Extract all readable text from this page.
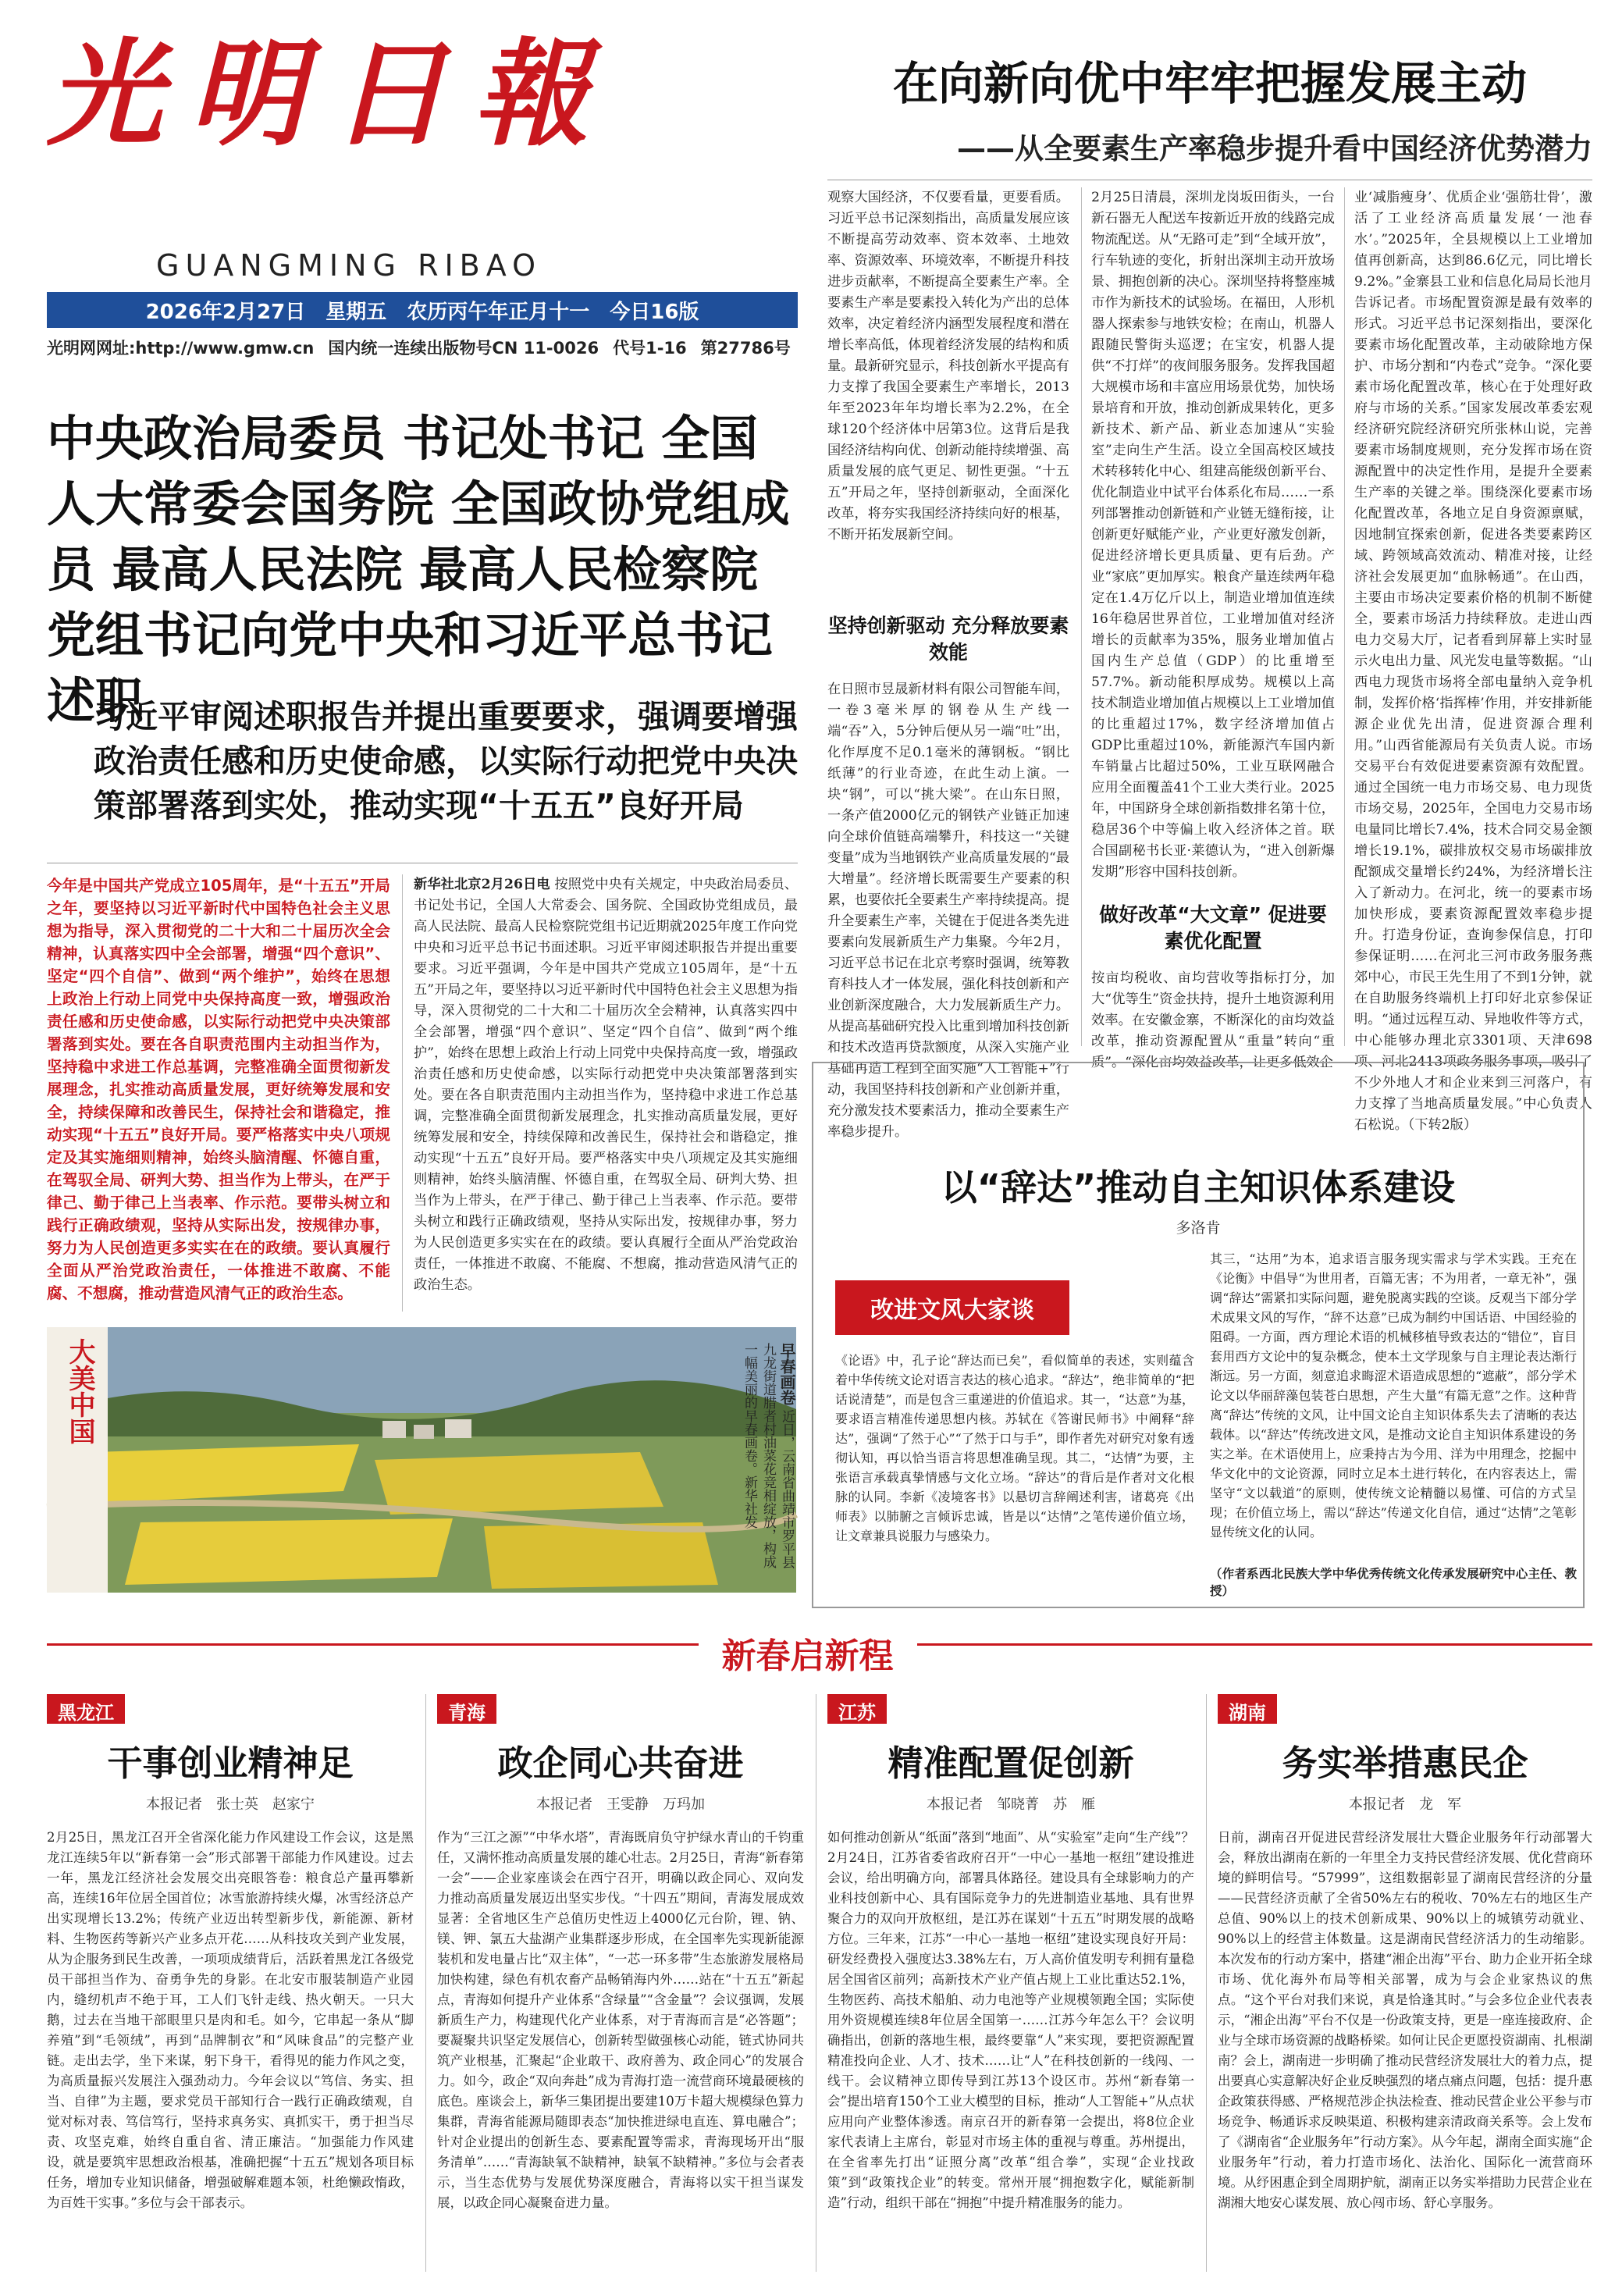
光明日報
GUANGMING RIBAO
2026年2月27日 星期五 农历丙午年正月十一 今日16版
光明网网址:http://www.gmw.cn 国内统一连续出版物号CN 11-0026 代号1-16 第27786号
中央政治局委员 书记处书记 全国人大常委会国务院 全国政协党组成员 最高人民法院 最高人民检察院党组书记向党中央和习近平总书记述职
习近平审阅述职报告并提出重要要求，强调要增强政治责任感和历史使命感，以实际行动把党中央决策部署落到实处，推动实现“十五五”良好开局
今年是中国共产党成立105周年，是“十五五”开局之年，要坚持以习近平新时代中国特色社会主义思想为指导，深入贯彻党的二十大和二十届历次全会精神，认真落实四中全会部署，增强“四个意识”、坚定“四个自信”、做到“两个维护”，始终在思想上政治上行动上同党中央保持高度一致，增强政治责任感和历史使命感，以实际行动把党中央决策部署落到实处。要在各自职责范围内主动担当作为，坚持稳中求进工作总基调，完整准确全面贯彻新发展理念，扎实推动高质量发展，更好统筹发展和安全，持续保障和改善民生，保持社会和谐稳定，推动实现“十五五”良好开局。要严格落实中央八项规定及其实施细则精神，始终头脑清醒、怀德自重，在驾驭全局、研判大势、担当作为上带头，在严于律己、勤于律己上当表率、作示范。要带头树立和践行正确政绩观，坚持从实际出发，按规律办事，努力为人民创造更多实实在在的政绩。要认真履行全面从严治党政治责任，一体推进不敢腐、不能腐、不想腐，推动营造风清气正的政治生态。
新华社北京2月26日电 按照党中央有关规定，中央政治局委员、书记处书记，全国人大常委会、国务院、全国政协党组成员，最高人民法院、最高人民检察院党组书记近期就2025年度工作向党中央和习近平总书记书面述职。习近平审阅述职报告并提出重要要求。习近平强调，今年是中国共产党成立105周年，是“十五五”开局之年，要坚持以习近平新时代中国特色社会主义思想为指导，深入贯彻党的二十大和二十届历次全会精神，认真落实四中全会部署，增强“四个意识”、坚定“四个自信”、做到“两个维护”，始终在思想上政治上行动上同党中央保持高度一致，增强政治责任感和历史使命感，以实际行动把党中央决策部署落到实处。要在各自职责范围内主动担当作为，坚持稳中求进工作总基调，完整准确全面贯彻新发展理念，扎实推动高质量发展，更好统筹发展和安全，持续保障和改善民生，保持社会和谐稳定，推动实现“十五五”良好开局。要严格落实中央八项规定及其实施细则精神，始终头脑清醒、怀德自重，在驾驭全局、研判大势、担当作为上带头，在严于律己、勤于律己上当表率、作示范。要带头树立和践行正确政绩观，坚持从实际出发，按规律办事，努力为人民创造更多实实在在的政绩。要认真履行全面从严治党政治责任，一体推进不敢腐、不能腐、不想腐，推动营造风清气正的政治生态。
大美中国	早春画卷 近日，云南省曲靖市罗平县九龙街道腊者村油菜花竞相绽放，构成一幅美丽的早春画卷。新华社发
在向新向优中牢牢把握发展主动
——从全要素生产率稳步提升看中国经济优势潜力
观察大国经济，不仅要看量，更要看质。习近平总书记深刻指出，高质量发展应该不断提高劳动效率、资本效率、土地效率、资源效率、环境效率，不断提升科技进步贡献率，不断提高全要素生产率。全要素生产率是要素投入转化为产出的总体效率，决定着经济内涵型发展程度和潜在增长率高低，体现着经济发展的结构和质量。最新研究显示，科技创新水平提高有力支撑了我国全要素生产率增长，2013年至2023年年均增长率为2.2%，在全球120个经济体中居第3位。这背后是我国经济结构向优、创新动能持续增强、高质量发展的底气更足、韧性更强。“十五五”开局之年，坚持创新驱动，全面深化改革，将夯实我国经济持续向好的根基，不断开拓发展新空间。
坚持创新驱动 充分释放要素效能
在日照市昱晟新材料有限公司智能车间，一卷3毫米厚的钢卷从生产线一端“吞”入，5分钟后便从另一端“吐”出，化作厚度不足0.1毫米的薄钢板。“钢比纸薄”的行业奇迹，在此生动上演。一块“钢”，可以“挑大梁”。在山东日照，一条产值2000亿元的钢铁产业链正加速向全球价值链高端攀升，科技这一“关键变量”成为当地钢铁产业高质量发展的“最大增量”。经济增长既需要生产要素的积累，也要依托全要素生产率持续提高。提升全要素生产率，关键在于促进各类先进要素向发展新质生产力集聚。今年2月，习近平总书记在北京考察时强调，统筹教育科技人才一体发展，强化科技创新和产业创新深度融合，大力发展新质生产力。从提高基础研究投入比重到增加科技创新和技术改造再贷款额度，从深入实施产业基础再造工程到全面实施“人工智能+”行动，我国坚持科技创新和产业创新并重，充分激发技术要素活力，推动全要素生产率稳步提升。
2月25日清晨，深圳龙岗坂田街头，一台新石器无人配送车按新近开放的线路完成物流配送。从“无路可走”到“全域开放”，行车轨迹的变化，折射出深圳主动开放场景、拥抱创新的决心。深圳坚持将整座城市作为新技术的试验场。在福田，人形机器人探索参与地铁安检；在南山，机器人跟随民警街头巡逻；在宝安，机器人提供“不打烊”的夜间服务服务。发挥我国超大规模市场和丰富应用场景优势，加快场景培育和开放，推动创新成果转化，更多新技术、新产品、新业态加速从“实验室”走向生产生活。设立全国高校区域技术转移转化中心、组建高能级创新平台、优化制造业中试平台体系化布局……一系列部署推动创新链和产业链无缝衔接，让创新更好赋能产业，产业更好激发创新，促进经济增长更具质量、更有后劲。产业“家底”更加厚实。粮食产量连续两年稳定在1.4万亿斤以上，制造业增加值连续16年稳居世界首位，工业增加值对经济增长的贡献率为35%，服务业增加值占国内生产总值（GDP）的比重增至57.7%。新动能积厚成势。规模以上高技术制造业增加值占规模以上工业增加值的比重超过17%，数字经济增加值占GDP比重超过10%，新能源汽车国内新车销量占比超过50%，工业互联网融合应用全面覆盖41个工业大类行业。2025年，中国跻身全球创新指数排名第十位，稳居36个中等偏上收入经济体之首。联合国副秘书长亚·莱德认为，“进入创新爆发期”形容中国科技创新。
做好改革“大文章” 促进要素优化配置
按亩均税收、亩均营收等指标打分，加大“优等生”资金扶持，提升土地资源利用效率。在安徽金寨，不断深化的亩均效益改革，推动资源配置从“重量”转向“重质”。“深化亩均效益改革，让更多低效企
业‘减脂瘦身’、优质企业‘强筋壮骨’，激活了工业经济高质量发展‘一池春水’。”2025年，全县规模以上工业增加值再创新高，达到86.6亿元，同比增长9.2%。”金寨县工业和信息化局局长池月告诉记者。市场配置资源是最有效率的形式。习近平总书记深刻指出，要深化要素市场化配置改革，主动破除地方保护、市场分割和“内卷式”竞争。“深化要素市场化配置改革，核心在于处理好政府与市场的关系。”国家发展改革委宏观经济研究院经济研究所张林山说，完善要素市场制度规则，充分发挥市场在资源配置中的决定性作用，是提升全要素生产率的关键之举。围绕深化要素市场化配置改革，各地立足自身资源禀赋，因地制宜探索创新，促进各类要素跨区域、跨领域高效流动、精准对接，让经济社会发展更加“血脉畅通”。在山西，主要由市场决定要素价格的机制不断健全，要素市场活力持续释放。走进山西电力交易大厅，记者看到屏幕上实时显示火电出力量、风光发电量等数据。“山西电力现货市场将全部电量纳入竞争机制，发挥价格‘指挥棒’作用，并安排新能源企业优先出清，促进资源合理利用。”山西省能源局有关负责人说。市场交易平台有效促进要素资源有效配置。通过全国统一电力市场交易、电力现货市场交易，2025年，全国电力交易市场电量同比增长7.4%，技术合同交易金额增长19.1%，碳排放权交易市场碳排放配额成交量增长约24%，为经济增长注入了新动力。在河北，统一的要素市场加快形成，要素资源配置效率稳步提升。打造身份证，查询参保信息，打印参保证明……在河北三河市政务服务燕郊中心，市民王先生用了不到1分钟，就在自助服务终端机上打印好北京参保证明。“通过远程互动、异地收件等方式，中心能够办理北京3301项、天津698项、河北2413项政务服务事项，吸引了不少外地人才和企业来到三河落户，有力支撑了当地高质量发展。”中心负责人石松说。（下转2版）
以“辞达”推动自主知识体系建设
多洛肯
改进文风大家谈
《论语》中，孔子论“辞达而已矣”，看似简单的表述，实则蕴含着中华传统文论对语言表达的核心追求。“辞达”，绝非简单的“把话说清楚”，而是包含三重递进的价值追求。其一，“达意”为基，要求语言精准传递思想内核。苏轼在《答谢民师书》中阐释“辞达”，强调“了然于心”“了然于口与手”，即作者先对研究对象有透彻认知，再以恰当语言将思想准确呈现。其二，“达情”为要，主张语言承载真挚情感与文化立场。“辞达”的背后是作者对文化根脉的认同。李新《凌境客书》以悬切言辞阐述利害，诸葛亮《出师表》以肺腑之言倾诉忠诚，皆是以“达情”之笔传递价值立场，让文章兼具说服力与感染力。
其三，“达用”为本，追求语言服务现实需求与学术实践。王充在《论衡》中倡导“为世用者，百篇无害；不为用者，一章无补”，强调“辞达”需紧扣实际问题，避免脱离实践的空谈。反观当下部分学术成果文风的写作，“辞不达意”已成为制约中国话语、中国经验的阻碍。一方面，西方理论术语的机械移植导致表达的“错位”，盲目套用西方文论中的复杂概念，使本土文学现象与自主理论表达渐行渐远。另一方面，刻意追求晦涩术语造成思想的“遮蔽”，部分学术论文以华丽辞藻包装苍白思想，产生大量“有篇无意”之作。这种背离“辞达”传统的文风，让中国文论自主知识体系失去了清晰的表达载体。以“辞达”传统改进文风，是推动文论自主知识体系建设的务实之举。在术语使用上，应秉持古为今用、洋为中用理念，挖掘中华文化中的文论资源，同时立足本土进行转化，在内容表达上，需坚守“文以载道”的原则，使传统文论精髓以易懂、可信的方式呈现；在价值立场上，需以“辞达”传递文化自信，通过“达情”之笔彰显传统文化的认同。
（作者系西北民族大学中华优秀传统文化传承发展研究中心主任、教授）
新春启新程
黑龙江
干事创业精神足
本报记者　张士英　赵家宁
2月25日，黑龙江召开全省深化能力作风建设工作会议，这是黑龙江连续5年以“新春第一会”形式部署干部能力作风建设。过去一年，黑龙江经济社会发展交出亮眼答卷：粮食总产量再攀新高，连续16年位居全国首位；冰雪旅游持续火爆，冰雪经济总产出实现增长13.2%；传统产业迈出转型新步伐，新能源、新材料、生物医药等新兴产业多点开花……从科技攻关到产业发展，从为企服务到民生改善，一项项成绩背后，活跃着黑龙江各级党员干部担当作为、奋勇争先的身影。在北安市服装制造产业园内，缝纫机声不绝于耳，工人们飞针走线、热火朝天。一只大鹅，过去在当地干部眼里只是肉和毛。如今，它串起一条从“脚养殖”到“毛领绒”，再到“品牌制衣”和“风味食品”的完整产业链。走出去学，坐下来谋，躬下身干，看得见的能力作风之变，为高质量振兴发展注入强劲动力。今年会议以“笃信、务实、担当、自律”为主题，要求党员干部知行合一践行正确政绩观，自觉对标对表、笃信笃行，坚持求真务实、真抓实干，勇于担当尽责、攻坚克难，始终自重自省、清正廉洁。“加强能力作风建设，就是要筑牢思想政治根基，准确把握“十五五”规划各项目标任务，增加专业知识储备，增强破解难题本领，杜绝懒政惰政，为百姓干实事。”多位与会干部表示。
青海
政企同心共奋进
本报记者　王雯静　万玛加
作为“三江之源”“中华水塔”，青海既肩负守护绿水青山的千钧重任，又满怀推动高质量发展的雄心壮志。2月25日，青海“新春第一会”——企业家座谈会在西宁召开，明确以政企同心、双向发力推动高质量发展迈出坚实步伐。“十四五”期间，青海发展成效显著：全省地区生产总值历史性迈上4000亿元台阶，锂、钠、镁、钾、氯五大盐湖产业集群逐步形成，在全国率先实现新能源装机和发电量占比“双主体”，“一芯一环多带”生态旅游发展格局加快构建，绿色有机农畜产品畅销海内外……站在“十五五”新起点，青海如何提升产业体系“含绿量”“含金量”？会议强调，发展新质生产力，构建现代化产业体系，对于青海而言是“必答题”；要凝聚共识坚定发展信心，创新转型做强核心动能，链式协同共筑产业根基，汇聚起“企业敢干、政府善为、政企同心”的发展合力。如今，政企“双向奔赴”成为青海打造一流营商环境最硬核的底色。座谈会上，新华三集团提出要建10万卡超大规模绿色算力集群，青海省能源局随即表态“加快推进绿电直连、算电融合”；针对企业提出的创新生态、要素配置等需求，青海现场开出“服务清单”……“青海缺氧不缺精神，缺氧不缺精神。”多位与会者表示，当生态优势与发展优势深度融合，青海将以实干担当谋发展，以政企同心凝聚奋进力量。
江苏
精准配置促创新
本报记者　邹晓菁　苏　雁
如何推动创新从“纸面”落到“地面”、从“实验室”走向“生产线”？2月24日，江苏省委省政府召开“一中心一基地一枢纽”建设推进会议，给出明确方向，部署具体路径。建设具有全球影响力的产业科技创新中心、具有国际竞争力的先进制造业基地、具有世界聚合力的双向开放枢纽，是江苏在谋划“十五五”时期发展的战略方位。三年来，江苏“一中心一基地一枢纽”建设实现良好开局：研发经费投入强度达3.38%左右，万人高价值发明专利拥有量稳居全国省区前列；高新技术产业产值占规上工业比重达52.1%，生物医药、高技术船舶、动力电池等产业规模领跑全国；实际使用外资规模连续8年位居全国第一……江苏今年怎么干？会议明确指出，创新的落地生根，最终要靠“人”来实现，要把资源配置精准投向企业、人才、技术……让“人”在科技创新的一线闯、一线干。会议精神立即传导到江苏13个设区市。苏州“新春第一会”提出培育150个工业大模型的目标，推动“人工智能+”从点状应用向产业整体渗透。南京召开的新春第一会提出，将8位企业家代表请上主席台，彰显对市场主体的重视与尊重。苏州提出，在全省率先打出“证照分离”改革“组合拳”，实现“企业找政策”到“政策找企业”的转变。常州开展“拥抱数字化，赋能新制造”行动，组织干部在“拥抱”中提升精准服务的能力。
湖南
务实举措惠民企
本报记者　龙　军
日前，湖南召开促进民营经济发展壮大暨企业服务年行动部署大会，释放出湖南在新的一年里全力支持民营经济发展、优化营商环境的鲜明信号。“57999”，这组数据彰显了湖南民营经济的分量——民营经济贡献了全省50%左右的税收、70%左右的地区生产总值、90%以上的技术创新成果、90%以上的城镇劳动就业、90%以上的经营主体数量。这是湖南民营经济活力的生动缩影。本次发布的行动方案中，搭建“湘企出海”平台、助力企业开拓全球市场、优化海外布局等相关部署，成为与会企业家热议的焦点。“这个平台对我们来说，真是恰逢其时。”与会多位企业代表表示，“湘企出海”平台不仅是一份政策支持，更是一座连接政府、企业与全球市场资源的战略桥梁。如何让民企更愿投资湖南、扎根湖南？会上，湖南进一步明确了推动民营经济发展壮大的着力点，提出要真心实意解决好企业反映强烈的堵点痛点问题，包括：提升惠企政策获得感、严格规范涉企执法检查、推动民营企业公平参与市场竞争、畅通诉求反映渠道、积极构建亲清政商关系等。会上发布了《湖南省“企业服务年”行动方案》。从今年起，湖南全面实施“企业服务年”行动，着力打造市场化、法治化、国际化一流营商环境。从纾困惠企到全周期护航，湖南正以务实举措助力民营企业在湖湘大地安心谋发展、放心闯市场、舒心享服务。
